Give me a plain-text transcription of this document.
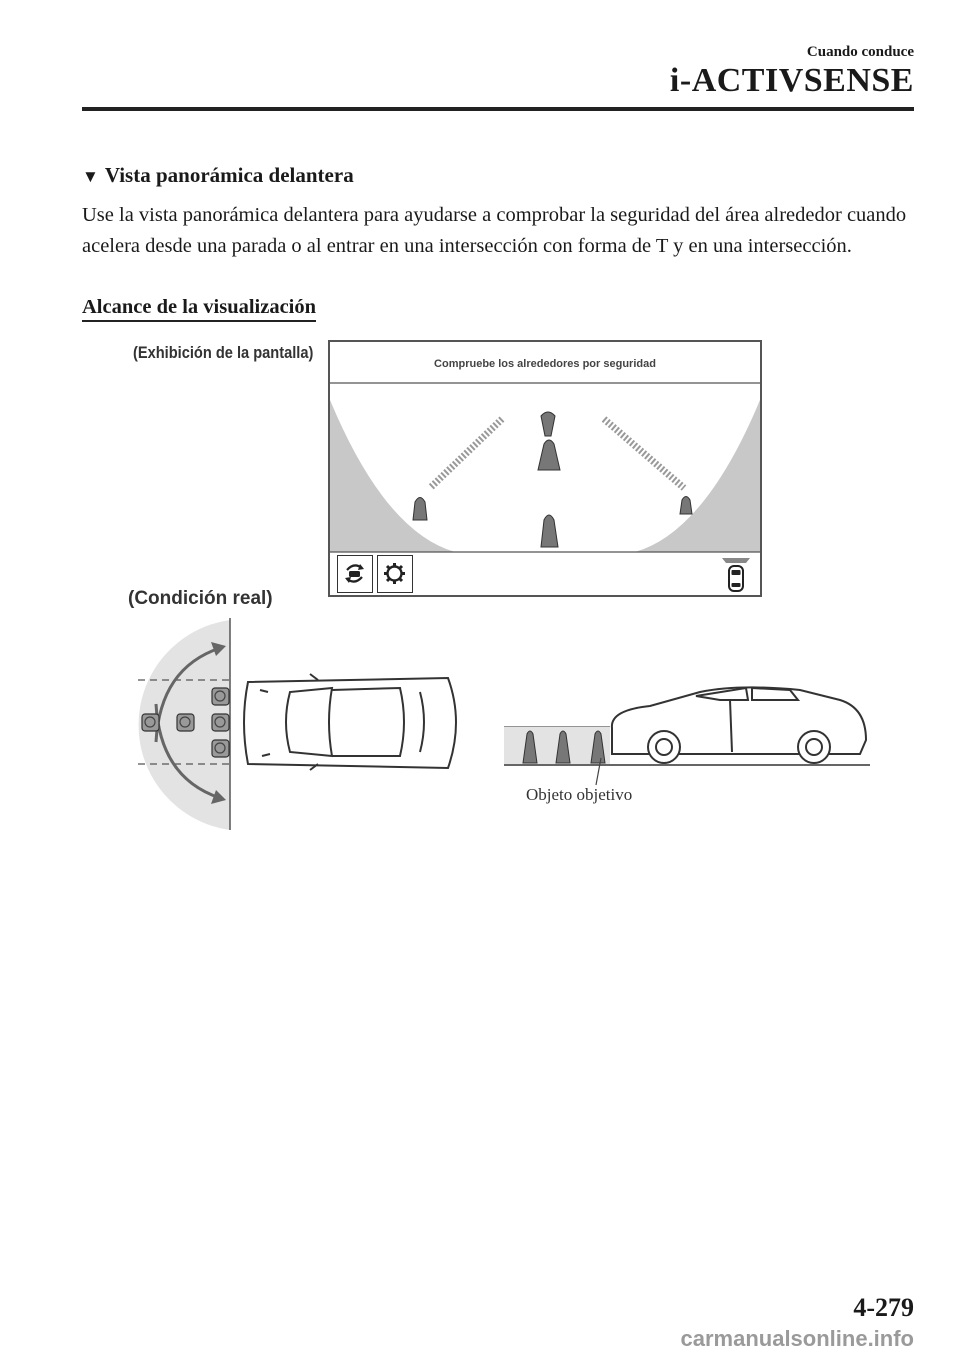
Cuando conduce
i-ACTIVSENSE
▼ Vista panorámica delantera
Use la vista panorámica delantera para ayudarse a comprobar la seguridad del área alrededor cuando acelera desde una parada o al entrar en una intersección con forma de T y en una intersección.
Alcance de la visualización
(Exhibición de la pantalla)
Compruebe los alrededores por seguridad
(Condición real)
Objeto objetivo
4-279
carmanualsonline.info
